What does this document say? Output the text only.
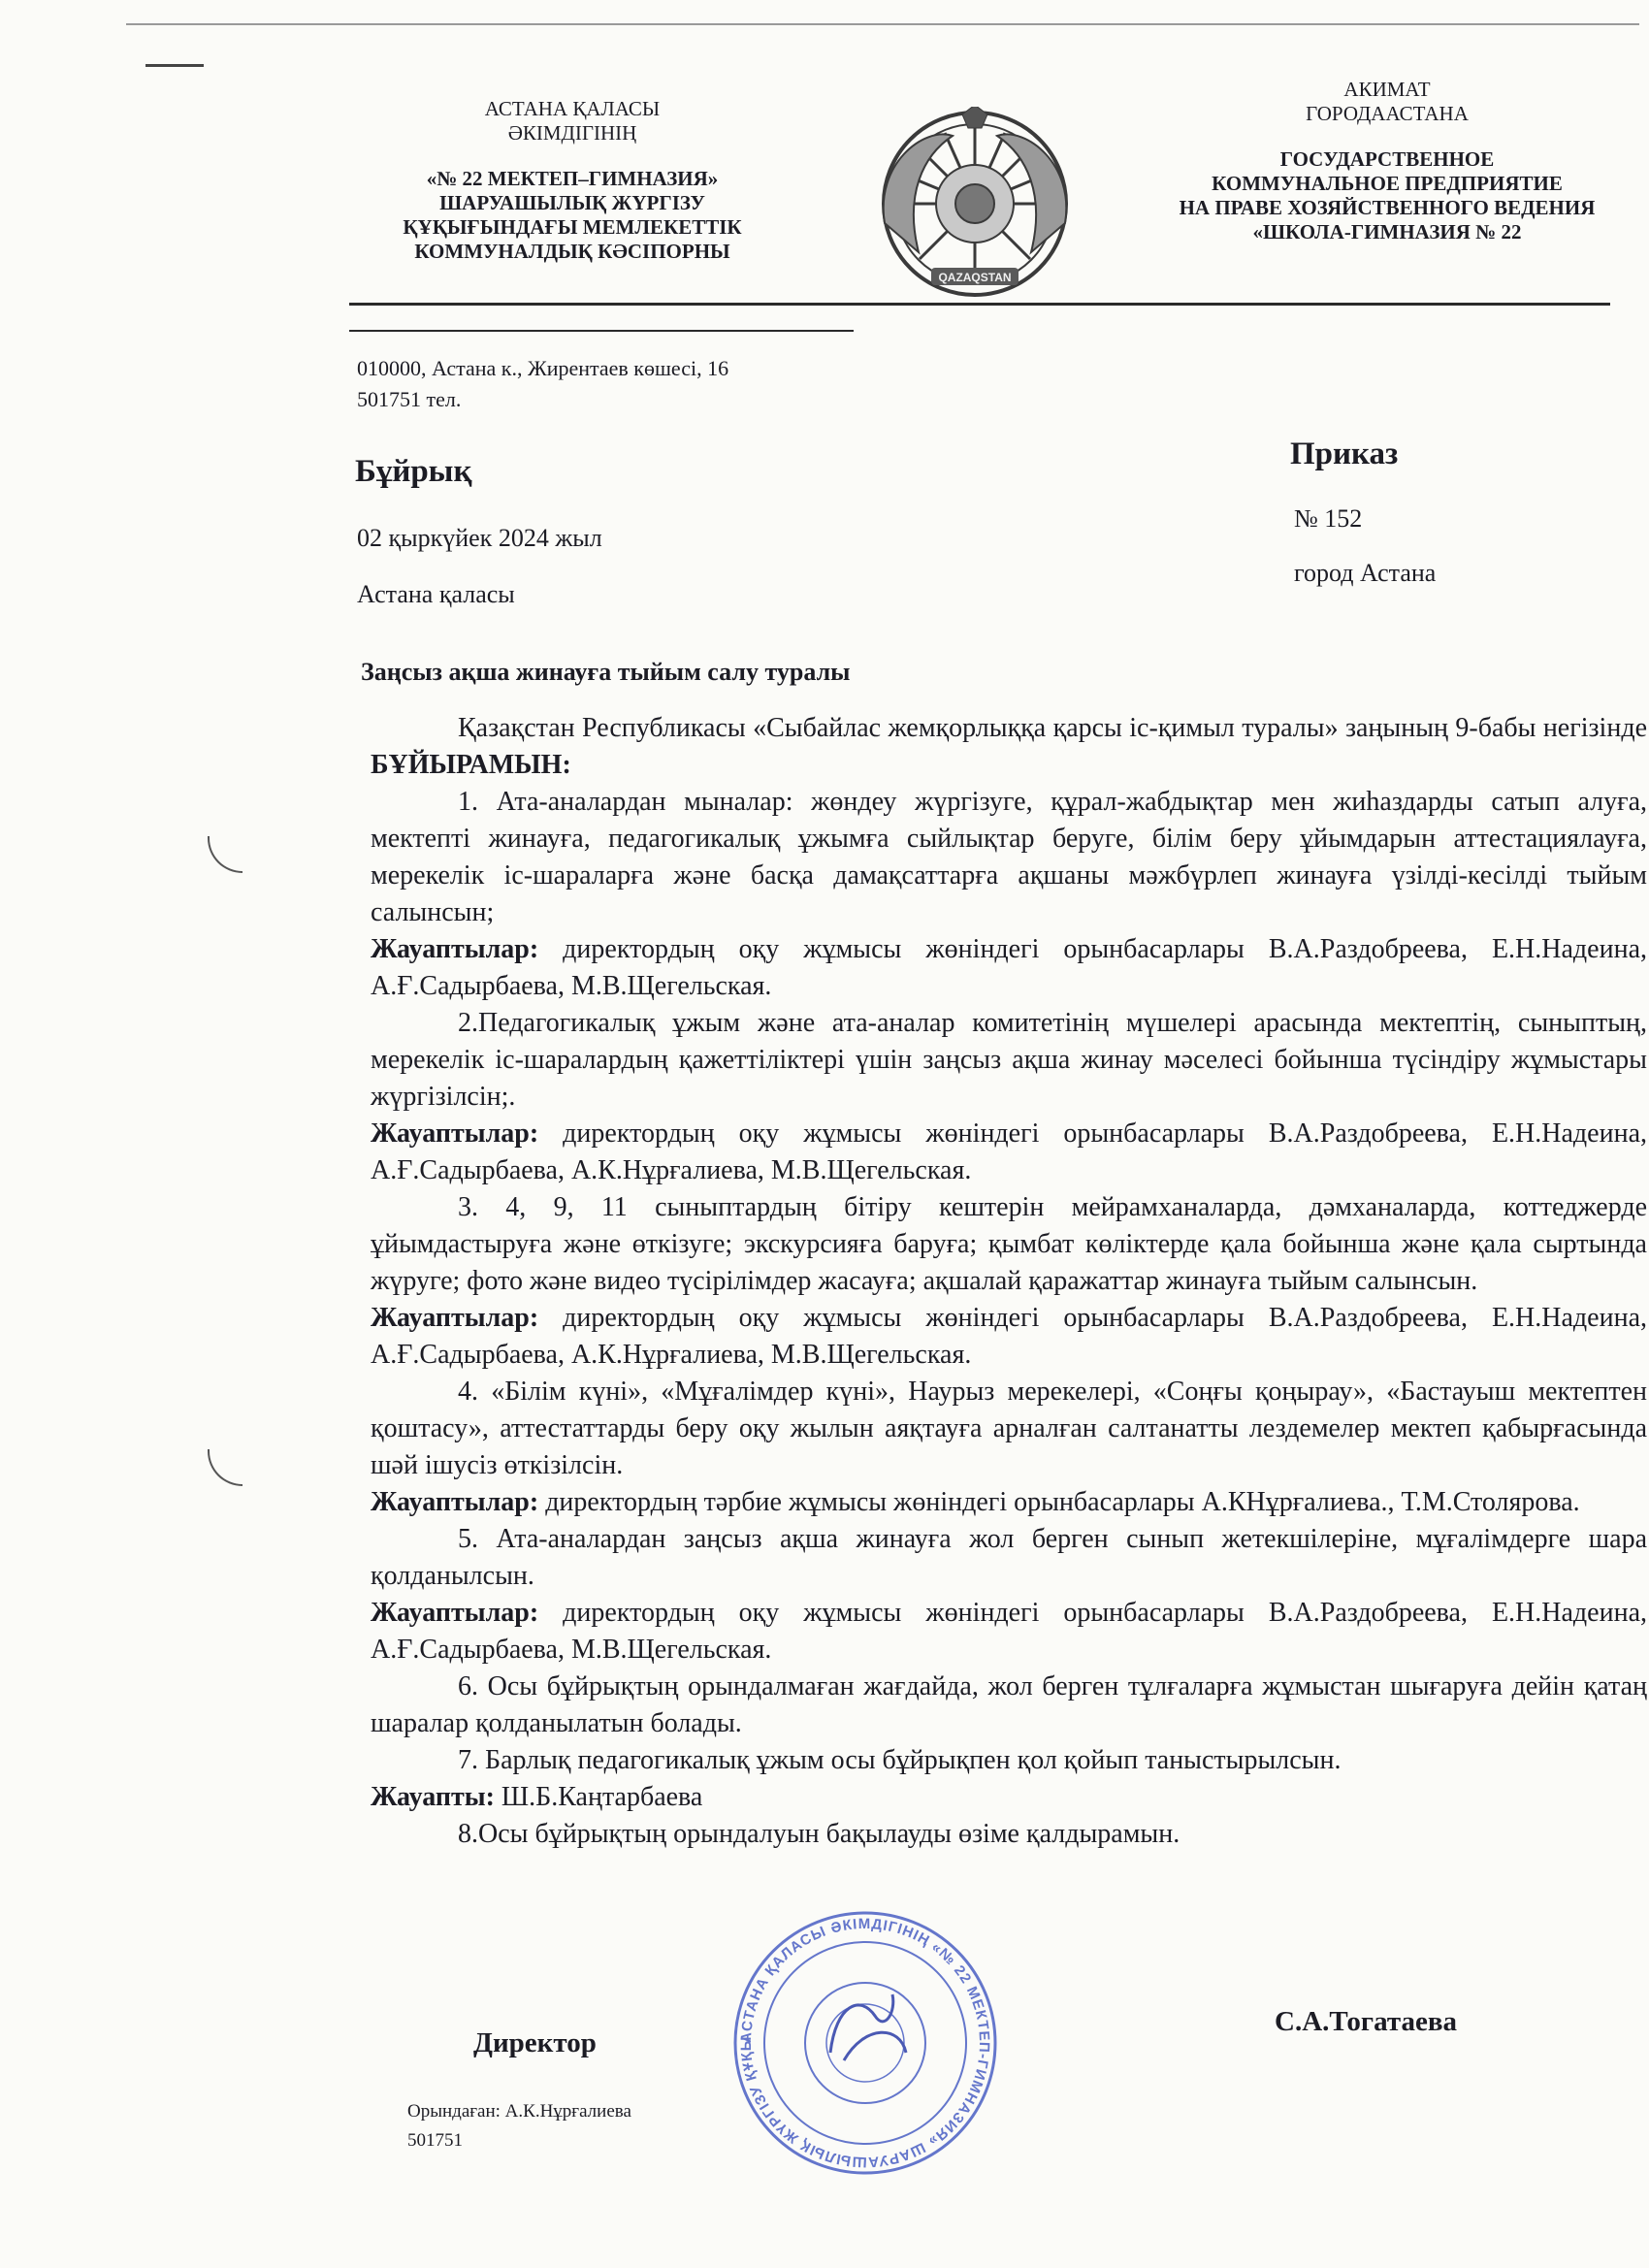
АСТАНА ҚАЛАСЫ
ӘКІМДІГІНІҢ
«№ 22 МЕКТЕП–ГИМНАЗИЯ»
ШАРУАШЫЛЫҚ ЖҮРГІЗУ
ҚҰҚЫҒЫНДАҒЫ МЕМЛЕКЕТТІК
КОММУНАЛДЫҚ КӘСІПОРНЫ
QAZAQSTAN
АКИМАТ
ГОРОДААСТАНА
ГОСУДАРСТВЕННОЕ
КОММУНАЛЬНОЕ ПРЕДПРИЯТИЕ
НА ПРАВЕ ХОЗЯЙСТВЕННОГО ВЕДЕНИЯ
«ШКОЛА-ГИМНАЗИЯ № 22
010000, Астана к., Жирентаев көшесі, 16
501751 тел.
Бұйрық
02 қыркүйек 2024 жыл
Астана қаласы
Приказ
№ 152
город Астана
Заңсыз ақша жинауға тыйым салу туралы

Қазақстан Республикасы «Сыбайлас жемқорлыққа қарсы іс-қимыл туралы» заңының 9-бабы негізінде БҰЙЫРАМЫН:

1. Ата-аналардан мыналар: жөндеу жүргізуге, құрал-жабдықтар мен жиһаздарды сатып алуға, мектепті жинауға, педагогикалық ұжымға сыйлықтар беруге, білім беру ұйымдарын аттестациялауға, мерекелік іс-шараларға және басқа дамақсаттарға ақшаны мәжбүрлеп жинауға үзілді-кесілді тыйым салынсын;

Жауаптылар: директордың оқу жұмысы жөніндегі орынбасарлары В.А.Раздобреева, Е.Н.Надеина, А.Ғ.Садырбаева, М.В.Щегельская.

2.Педагогикалық ұжым және ата-аналар комитетінің мүшелері арасында мектептің, сыныптың, мерекелік іс-шаралардың қажеттіліктері үшін заңсыз ақша жинау мәселесі бойынша түсіндіру жұмыстары жүргізілсін;.

Жауаптылар: директордың оқу жұмысы жөніндегі орынбасарлары В.А.Раздобреева, Е.Н.Надеина, А.Ғ.Садырбаева, А.К.Нұрғалиева, М.В.Щегельская.

3. 4, 9, 11 сыныптардың бітіру кештерін мейрамханаларда, дәмханаларда, коттеджерде ұйымдастыруға және өткізуге; экскурсияға баруға; қымбат көліктерде қала бойынша және қала сыртында жүруге; фото және видео түсірілімдер жасауға; ақшалай қаражаттар жинауға тыйым салынсын.

Жауаптылар: директордың оқу жұмысы жөніндегі орынбасарлары В.А.Раздобреева, Е.Н.Надеина, А.Ғ.Садырбаева, А.К.Нұрғалиева, М.В.Щегельская.

4. «Білім күні», «Мұғалімдер күні», Наурыз мерекелері, «Соңғы қоңырау», «Бастауыш мектептен қоштасу», аттестаттарды беру оқу жылын аяқтауға арналған салтанатты лездемелер мектеп қабырғасында шәй ішусіз өткізілсін.

Жауаптылар: директордың тәрбие жұмысы жөніндегі орынбасарлары А.КНұрғалиева., Т.М.Столярова.

5. Ата-аналардан заңсыз ақша жинауға жол берген сынып жетекшілеріне, мұғалімдерге шара қолданылсын.

Жауаптылар: директордың оқу жұмысы жөніндегі орынбасарлары В.А.Раздобреева, Е.Н.Надеина, А.Ғ.Садырбаева, М.В.Щегельская.

6. Осы бұйрықтың орындалмаған жағдайда, жол берген тұлғаларға жұмыстан шығаруға дейін қатаң шаралар қолданылатын болады.

7. Барлық педагогикалық ұжым осы бұйрықпен қол қойып таныстырылсын.

Жауапты: Ш.Б.Каңтарбаева

8.Осы бұйрықтың орындалуын бақылауды өзіме қалдырамын.

АСТАНА ҚАЛАСЫ ӘКІМДІГІНІҢ «№ 22 МЕКТЕП-ГИМНАЗИЯ» ШАРУАШЫЛЫҚ ЖҮРГІЗУ ҚҰҚЫ
Директор
С.А.Тогатаева
Орындаған: А.К.Нұрғалиева
501751
